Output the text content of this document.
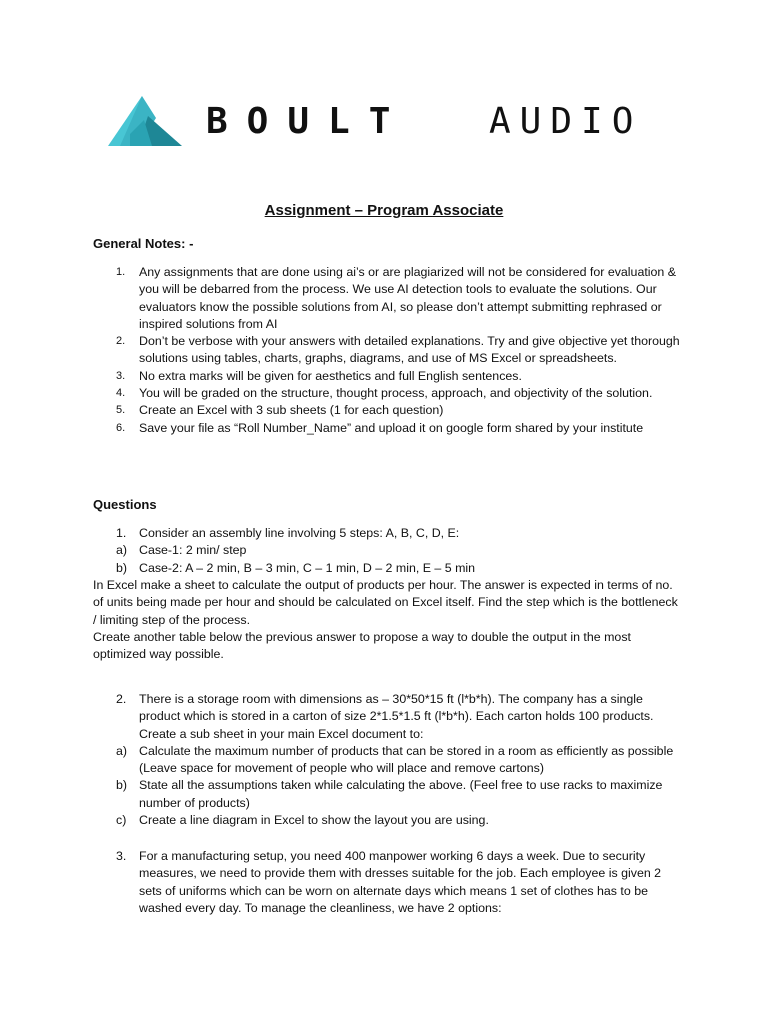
BOULT AUDIO
Assignment – Program Associate
General Notes: -
1.	Any assignments that are done using ai’s or are plagiarized will not be considered for evaluation & you will be debarred from the process. We use AI detection tools to evaluate the solutions. Our evaluators know the possible solutions from AI, so please don’t attempt submitting rephrased or inspired solutions from AI
2.	Don’t be verbose with your answers with detailed explanations. Try and give objective yet thorough solutions using tables, charts, graphs, diagrams, and use of MS Excel or spreadsheets.
3.	No extra marks will be given for aesthetics and full English sentences.
4.	You will be graded on the structure, thought process, approach, and objectivity of the solution.
5.	Create an Excel with 3 sub sheets (1 for each question)
6.	Save your file as “Roll Number_Name” and upload it on google form shared by your institute
Questions
1.	Consider an assembly line involving 5 steps: A, B, C, D, E:
a) Case-1: 2 min/ step
b) Case-2: A – 2 min, B – 3 min, C – 1 min, D – 2 min, E – 5 min
In Excel make a sheet to calculate the output of products per hour. The answer is expected in terms of no. of units being made per hour and should be calculated on Excel itself. Find the step which is the bottleneck / limiting step of the process.
Create another table below the previous answer to propose a way to double the output in the most optimized way possible.
2.	There is a storage room with dimensions as – 30*50*15 ft (l*b*h). The company has a single product which is stored in a carton of size 2*1.5*1.5 ft (l*b*h). Each carton holds 100 products. Create a sub sheet in your main Excel document to:
a) Calculate the maximum number of products that can be stored in a room as efficiently as possible (Leave space for movement of people who will place and remove cartons)
b) State all the assumptions taken while calculating the above. (Feel free to use racks to maximize number of products)
c)	Create a line diagram in Excel to show the layout you are using.
3.	For a manufacturing setup, you need 400 manpower working 6 days a week. Due to security measures, we need to provide them with dresses suitable for the job. Each employee is given 2 sets of uniforms which can be worn on alternate days which means 1 set of clothes has to be washed every day. To manage the cleanliness, we have 2 options:
